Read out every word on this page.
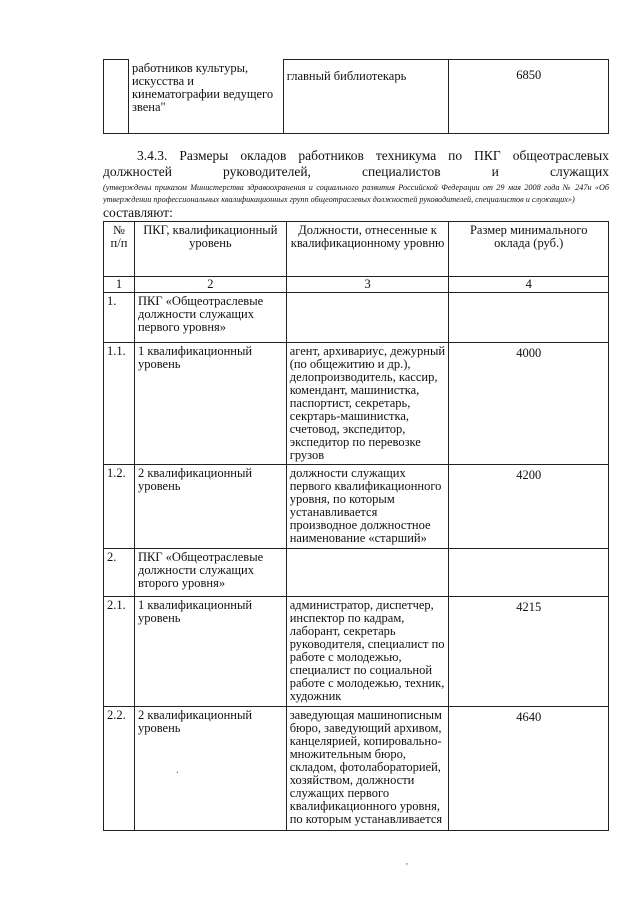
	работников культуры, искусства и кинематографии ведущего звена"	главный библиотекарь	6850
3.4.3. Размеры окладов работников техникума по ПКГ общеотраслевых должностей руководителей, специалистов и служащих
(утверждены приказом Министерства здравоохранения и социального развития Российской Федерации от 29 мая 2008 года № 247н «Об утверждении профессиональных квалификационных групп общеотраслевых должностей руководителей, специалистов и служащих»)
составляют:
№ п/п	ПКГ, квалификационный уровень	Должности, отнесенные к квалификационному уровню	Размер минимального оклада (руб.)
1	2	3	4
1.	ПКГ «Общеотраслевые должности служащих первого уровня»		
1.1.	1 квалификационный уровень	агент, архивариус, дежурный (по общежитию и др.), делопроизводитель, кассир, комендант, машинистка, паспортист, секретарь, секртарь-машинистка, счетовод, экспедитор, экспедитор по перевозке грузов	4000
1.2.	2 квалификационный уровень	должности служащих первого квалификационного уровня, по которым устанавливается производное должностное наименование «старший»	4200
2.	ПКГ «Общеотраслевые должности служащих второго уровня»		
2.1.	1 квалификационный уровень	администратор, диспетчер, инспектор по кадрам, лаборант, секретарь руководителя, специалист по работе с молодежью, специалист по социальной работе с молодежью, техник, художник	4215
2.2.	2 квалификационный уровень	заведующая машинописным бюро, заведующий архивом, канцелярией, копировально-множительным бюро, складом, фотолабораторией, хозяйством, должности служащих первого квалификационного уровня, по которым устанавливается	4640
'
.
